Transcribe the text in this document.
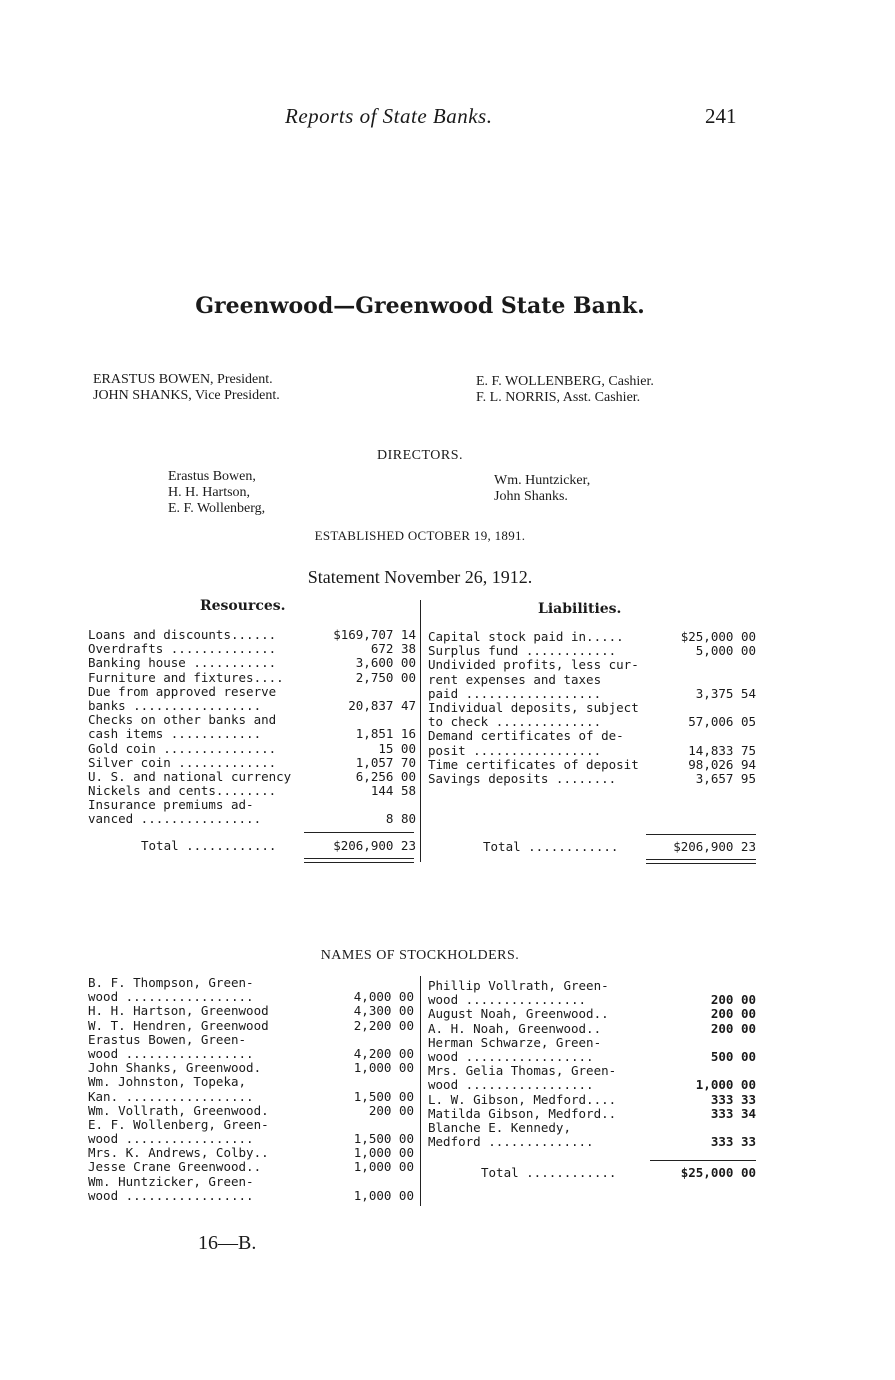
Reports of State Banks.	241
Greenwood—Greenwood State Bank.
ERASTUS BOWEN, President.
JOHN SHANKS, Vice President.
E. F. WOLLENBERG, Cashier.
F. L. NORRIS, Asst. Cashier.
DIRECTORS.
Erastus Bowen,
H. H. Hartson,
E. F. Wollenberg,
Wm. Huntzicker,
John Shanks.
ESTABLISHED OCTOBER 19, 1891.
Statement November 26, 1912.
Resources.	Liabilities.
Loans and discounts......	$169,707 14
Overdrafts ..............	672 38
Banking house ...........	3,600 00
Furniture and fixtures....	2,750 00
Due from approved reserve
banks .................	20,837 47
Checks on other banks and
cash items ............	1,851 16
Gold coin ...............	15 00
Silver coin .............	1,057 70
U. S. and national currency	6,256 00
Nickels and cents........	144 58
Insurance premiums ad-
vanced ................	8 80
Total ............	$206,900 23
Capital stock paid in.....	$25,000 00
Surplus fund ............	5,000 00
Undivided profits, less cur-
rent expenses and taxes
paid ..................	3,375 54
Individual deposits, subject
to check ..............	57,006 05
Demand certificates of de-
posit .................	14,833 75
Time certificates of deposit	98,026 94
Savings deposits ........	3,657 95
Total ............	$206,900 23
NAMES OF STOCKHOLDERS.
B. F. Thompson, Green-
wood .................	4,000 00
H. H. Hartson, Greenwood	4,300 00
W. T. Hendren, Greenwood	2,200 00
Erastus Bowen, Green-
wood .................	4,200 00
John Shanks, Greenwood.	1,000 00
Wm. Johnston, Topeka,
Kan. .................	1,500 00
Wm. Vollrath, Greenwood.	200 00
E. F. Wollenberg, Green-
wood .................	1,500 00
Mrs. K. Andrews, Colby..	1,000 00
Jesse Crane Greenwood..	1,000 00
Wm. Huntzicker, Green-
wood .................	1,000 00
Phillip Vollrath, Green-
wood ................	200 00
August Noah, Greenwood..	200 00
A. H. Noah, Greenwood..	200 00
Herman Schwarze, Green-
wood .................	500 00
Mrs. Gelia Thomas, Green-
wood .................	1,000 00
L. W. Gibson, Medford....	333 33
Matilda Gibson, Medford..	333 34
Blanche E. Kennedy,
Medford ..............	333 33
Total ............	$25,000 00
16—B.
